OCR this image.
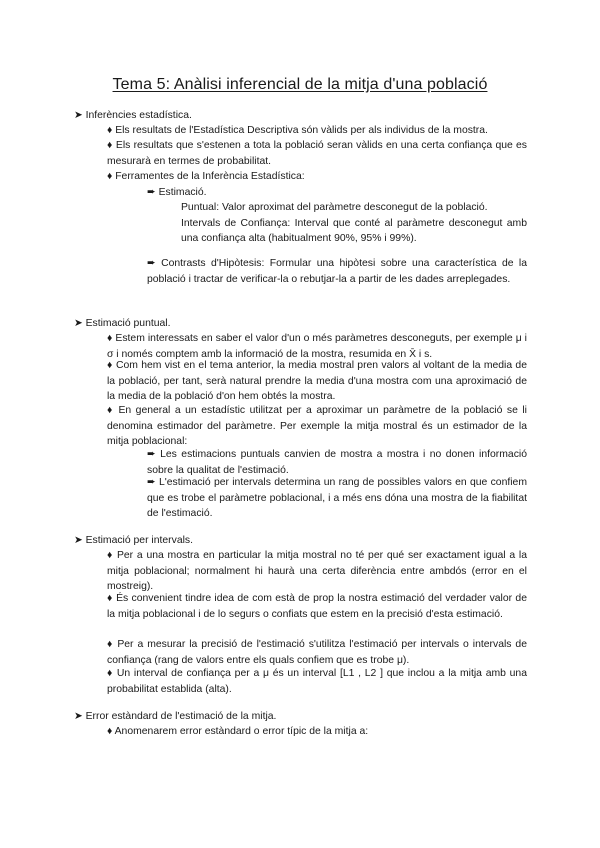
Tema 5: Anàlisi inferencial de la mitja d'una població

➤ Inferències estadística.

♦ Els resultats de l'Estadística Descriptiva són vàlids per als individus de la mostra.

♦ Els resultats que s'estenen a tota la població seran vàlids en una certa confiança que es mesurarà en termes de probabilitat.

♦ Ferramentes de la Inferència Estadística:

➨ Estimació.

Puntual: Valor aproximat del paràmetre desconegut de la població.

Intervals de Confiança: Interval que conté al paràmetre desconegut amb una confiança alta (habitualment 90%, 95% i 99%).

➨ Contrasts d'Hipòtesis: Formular una hipòtesi sobre una característica de la població i tractar de verificar-la o rebutjar-la a partir de les dades arreplegades.

➤ Estimació puntual.

♦ Estem interessats en saber el valor d'un o més paràmetres desconeguts, per exemple μ i σ i només comptem amb la informació de la mostra, resumida en X̄ i s.

♦ Com hem vist en el tema anterior, la media mostral pren valors al voltant de la media de la població, per tant, serà natural prendre la media d'una mostra com una aproximació de la media de la població d'on hem obtés la mostra.

♦ En general a un estadístic utilitzat per a aproximar un paràmetre de la població se li denomina estimador del paràmetre. Per exemple la mitja mostral és un estimador de la mitja poblacional:

➨ Les estimacions puntuals canvien de mostra a mostra i no donen informació sobre la qualitat de l'estimació.

➨ L'estimació per intervals determina un rang de possibles valors en que confiem que es trobe el paràmetre poblacional, i a més ens dóna una mostra de la fiabilitat de l'estimació.

➤ Estimació per intervals.

♦ Per a una mostra en particular la mitja mostral no té per qué ser exactament igual a la mitja poblacional; normalment hi haurà una certa diferència entre ambdós (error en el mostreig).

♦ És convenient tindre idea de com està de prop la nostra estimació del verdader valor de la mitja poblacional i de lo segurs o confiats que estem en la precisió d'esta estimació.

♦ Per a mesurar la precisió de l'estimació s'utilitza l'estimació per intervals o intervals de confiança (rang de valors entre els quals confiem que es trobe μ).

♦ Un interval de confiança per a μ és un interval [L1 , L2 ] que inclou a la mitja amb una probabilitat establida (alta).

➤ Error estàndard de l'estimació de la mitja.

♦ Anomenarem error estàndard o error típic de la mitja a:
